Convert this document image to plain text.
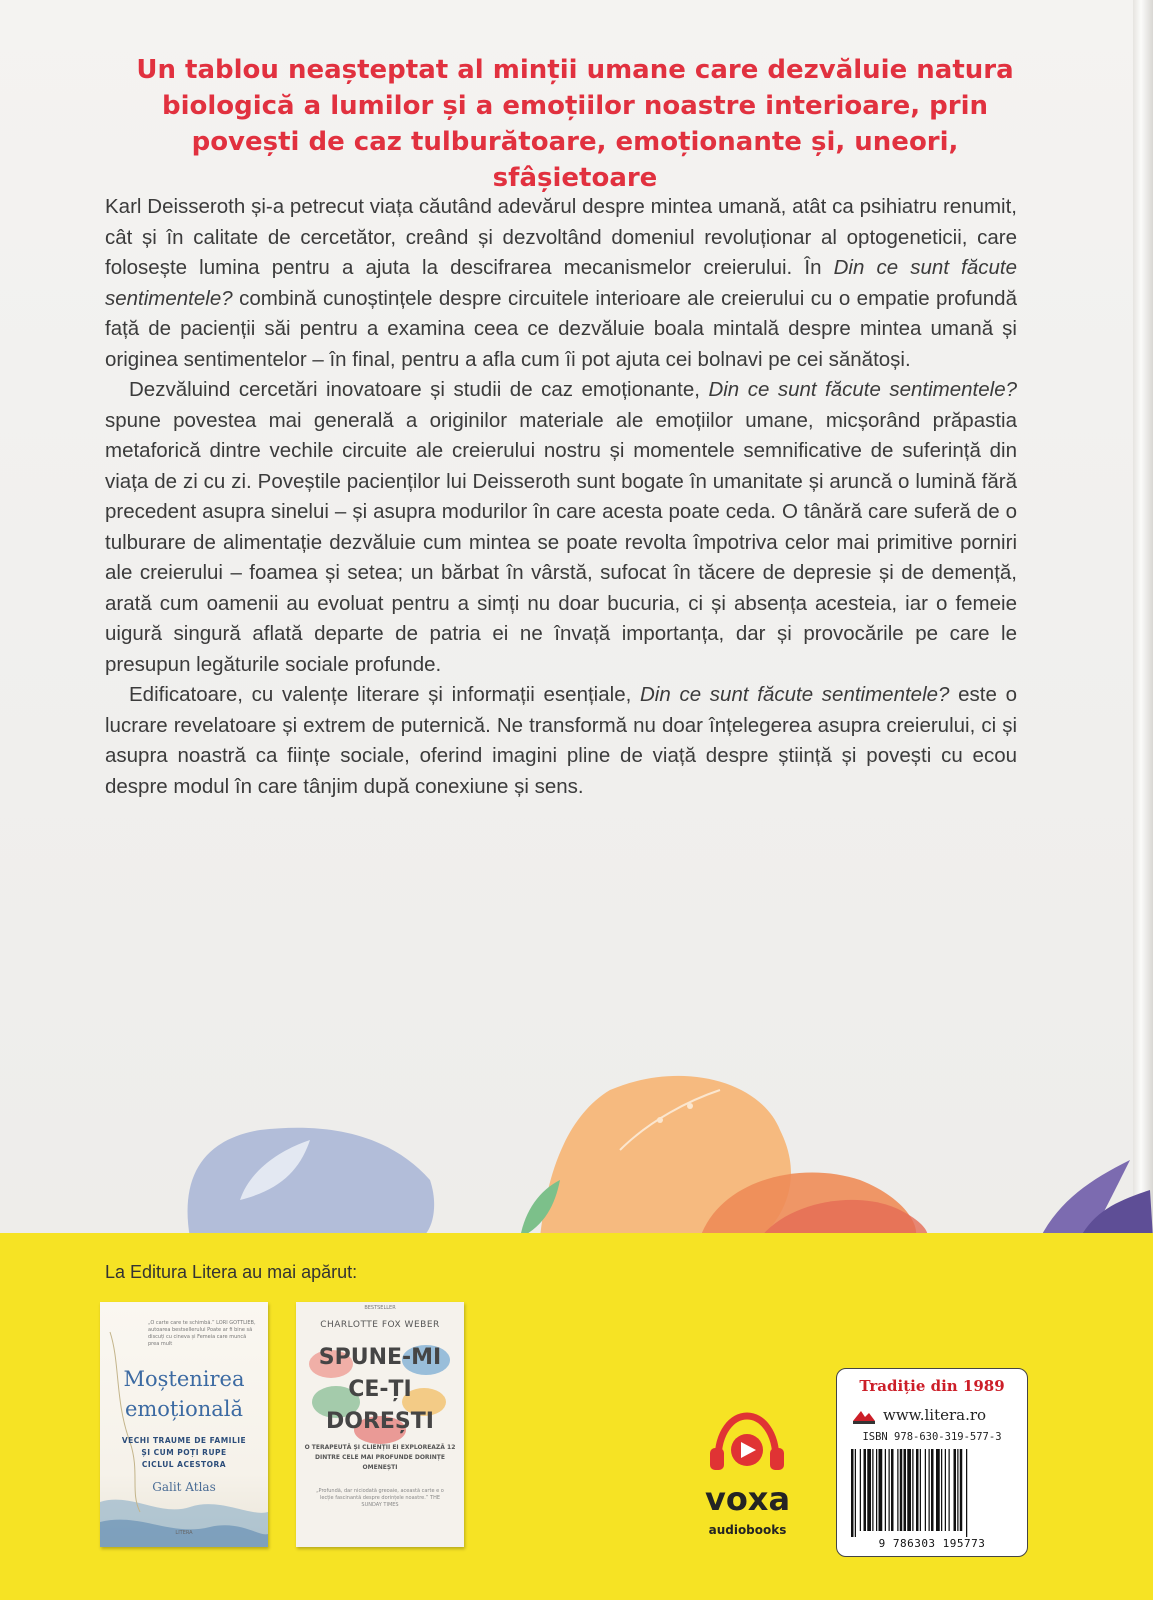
Un tablou neașteptat al minții umane care dezvăluie natura biologică a lumilor și a emoțiilor noastre interioare, prin povești de caz tulburătoare, emoționante și, uneori, sfâșietoare

Karl Deisseroth și-a petrecut viața căutând adevărul despre mintea umană, atât ca psihiatru renumit, cât și în calitate de cercetător, creând și dezvoltând domeniul revoluționar al optogeneticii, care folosește lumina pentru a ajuta la descifrarea mecanismelor creierului. În Din ce sunt făcute sentimentele? combină cunoștințele despre circuitele interioare ale creierului cu o empatie profundă față de pacienții săi pentru a examina ceea ce dezvăluie boala mintală despre mintea umană și originea sentimentelor – în final, pentru a afla cum îi pot ajuta cei bolnavi pe cei sănătoși.

Dezvăluind cercetări inovatoare și studii de caz emoționante, Din ce sunt făcute sentimentele? spune povestea mai generală a originilor materiale ale emoțiilor umane, micșorând prăpastia metaforică dintre vechile circuite ale creierului nostru și momentele semnificative de suferință din viața de zi cu zi. Poveștile pacienților lui Deisseroth sunt bogate în umanitate și aruncă o lumină fără precedent asupra sinelui – și asupra modurilor în care acesta poate ceda. O tânără care suferă de o tulburare de alimentație dezvăluie cum mintea se poate revolta împotriva celor mai primitive porniri ale creierului – foamea și setea; un bărbat în vârstă, sufocat în tăcere de depresie și de demență, arată cum oamenii au evoluat pentru a simți nu doar bucuria, ci și absența acesteia, iar o femeie uigură singură aflată departe de patria ei ne învață importanța, dar și provocările pe care le presupun legăturile sociale profunde.

Edificatoare, cu valențe literare și informații esențiale, Din ce sunt făcute sentimentele? este o lucrare revelatoare și extrem de puternică. Ne transformă nu doar înțelegerea asupra creierului, ci și asupra noastră ca ființe sociale, oferind imagini pline de viață despre știință și povești cu ecou despre modul în care tânjim după conexiune și sens.

La Editura Litera au mai apărut:
„O carte care te schimbă.” LORI GOTTLIEB, autoarea bestsellerului Poate ar fi bine să discuți cu cineva și Femeia care muncă prea mult
Moștenirea
emoțională
VECHI TRAUME DE FAMILIE
ȘI CUM POȚI RUPE
CICLUL ACESTORA
Galit Atlas
LITERA
BESTSELLER
CHARLOTTE FOX WEBER
SPUNE-MI
CE-ȚI
DOREȘTI
O TERAPEUTĂ ȘI CLIENȚII EI EXPLOREAZĂ 12 DINTRE CELE MAI PROFUNDE DORINȚE OMENEȘTI
„Profundă, dar niciodată greoaie, această carte e o lecție fascinantă despre dorințele noastre.” THE SUNDAY TIMES	voxa
audiobooks
Tradiție din 1989
www.litera.ro
ISBN 978-630-319-577-3
9 786303 195773
